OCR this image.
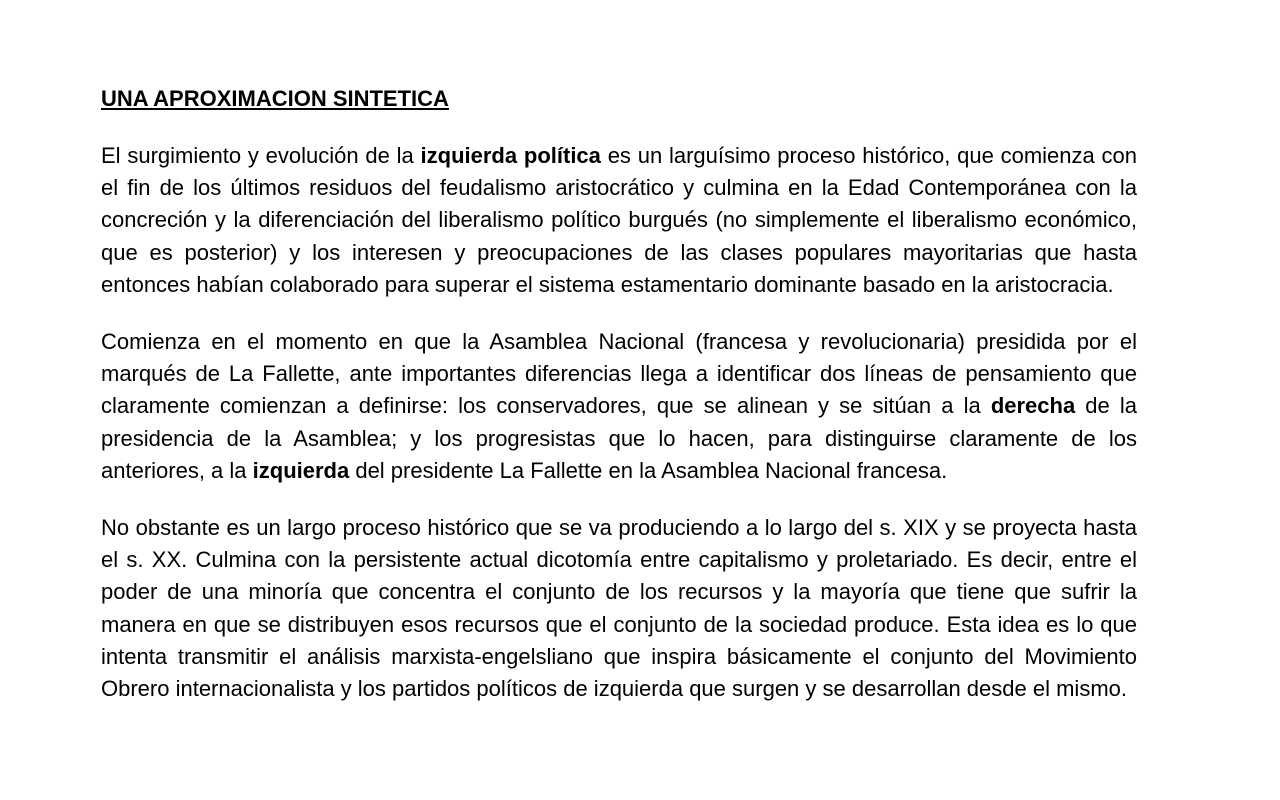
UNA APROXIMACION SINTETICA

El surgimiento y evolución de la izquierda política es un larguísimo proceso histórico, que comienza con el fin de los últimos residuos del feudalismo aristocrático y culmina en la Edad Contemporánea con la concreción y la diferenciación del liberalismo político burgués (no simplemente el liberalismo económico, que es posterior) y los interesen y preocupaciones de las clases populares mayoritarias que hasta entonces habían colaborado para superar el sistema estamentario dominante basado en la aristocracia.

Comienza en el momento en que la Asamblea Nacional (francesa y revolucionaria) presidida por el marqués de La Fallette, ante importantes diferencias llega a identificar dos líneas de pensamiento que claramente comienzan a definirse: los conservadores, que se alinean y se sitúan a la derecha de la presidencia de la Asamblea; y los progresistas que lo hacen, para distinguirse claramente de los anteriores, a la izquierda del presidente La Fallette en la Asamblea Nacional francesa.

No obstante es un largo proceso histórico que se va produciendo a lo largo del s. XIX y se proyecta hasta el s. XX. Culmina con la persistente actual dicotomía entre capitalismo y proletariado. Es decir, entre el poder de una minoría que concentra el conjunto de los recursos y la mayoría que tiene que sufrir la manera en que se distribuyen esos recursos que el conjunto de la sociedad produce. Esta idea es lo que intenta transmitir el análisis marxista-engelsliano que inspira básicamente el conjunto del Movimiento Obrero internacionalista y los partidos políticos de izquierda que surgen y se desarrollan desde el mismo.
